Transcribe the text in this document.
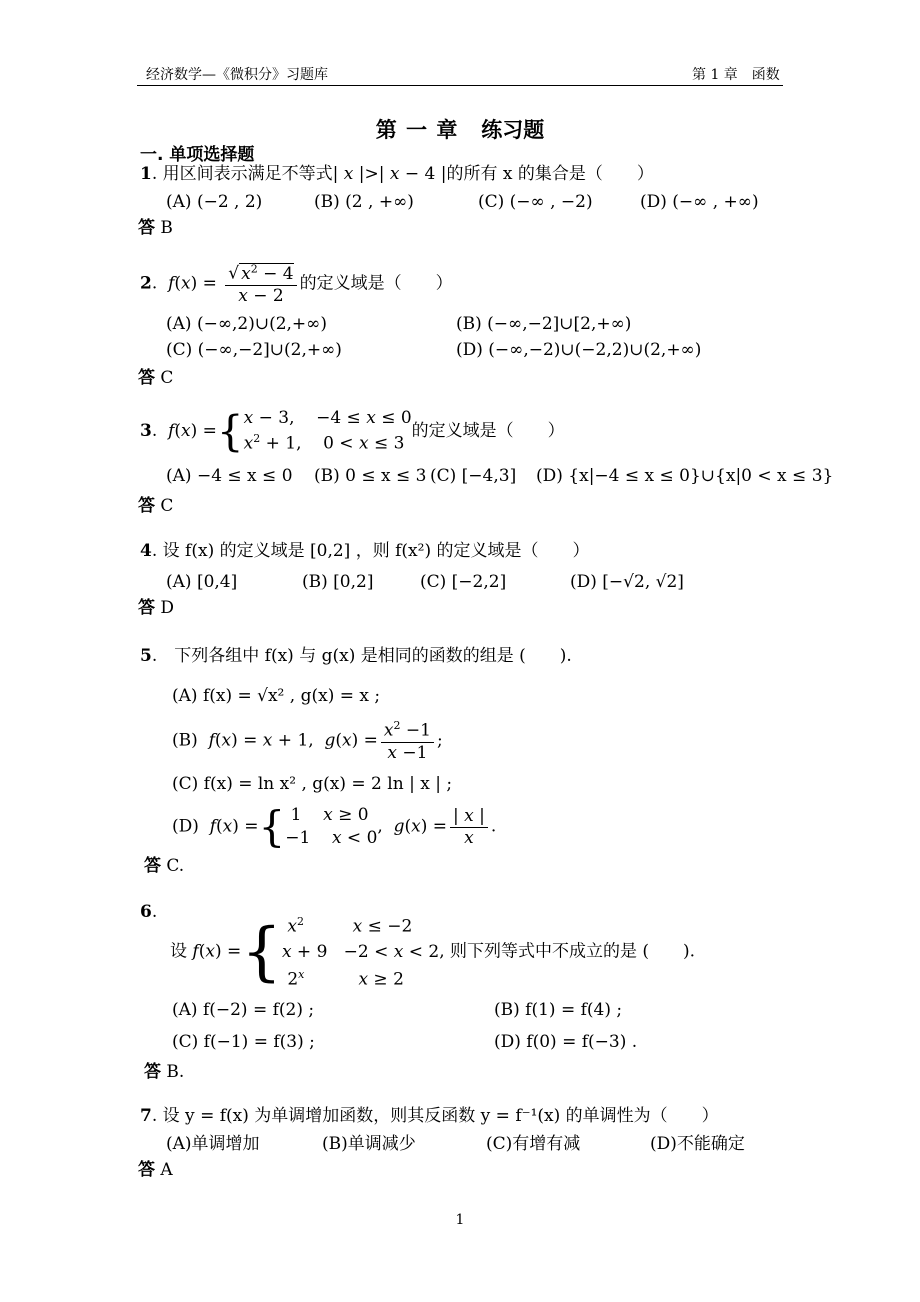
经济数学—《微积分》习题库	第 1 章　函数
第 一 章 练习题
一. 单项选择题
1. 用区间表示满足不等式| x |>| x − 4 |的所有 x 的集合是（　　）
(A) (−2 , 2)	(B) (2 , +∞)	(C) (−∞ , −2)	(D) (−∞ , +∞)
答 B
2.  $f(x) = \frac{√ x^2 - 4}{x - 2}$ 的定义域是（　　）
(A) (−∞,2)∪(2,+∞)	(B) (−∞,−2]∪[2,+∞)
(C) (−∞,−2]∪(2,+∞)	(D) (−∞,−2)∪(−2,2)∪(2,+∞)
答 C
3.  f(x) ={ x − 3,    −4 ≤ x ≤ 0
$x^2 + 1$,    0 < x ≤ 3
的定义域是（　　）
(A) −4 ≤ x ≤ 0 (B) 0 ≤ x ≤ 3 (C) [−4,3] (D) {x|−4 ≤ x ≤ 0}∪{x|0 < x ≤ 3}
答 C
4. 设 f(x) 的定义域是 [0,2] ，则 f(x²) 的定义域是（　　）
(A) [0,4]	(B) [0,2]	(C) [−2,2]	(D) [−√2, √2]
答 D
5.　下列各组中 f(x) 与 g(x) 是相同的函数的组是 (　　).
(A) f(x) = √x² , g(x) = x ;
(B)  f(x) = x + 1,  $g(x) = \frac{x^2 -1}{x -1}$ ;
(C) f(x) = ln x² , g(x) = 2 ln | x | ;
(D)  f(x) ={ 1    x ≥ 0
−1    x < 0
,  $g(x) = \frac{| x |}{x}$ .
答 C.
6.
设 f(x) ={ $x^2$	x ≤ −2
x + 9   −2 < x < 2
2$^x$	x ≥ 2
, 则下列等式中不成立的是 (　　).
(A) f(−2) = f(2) ;	(B) f(1) = f(4) ;
(C) f(−1) = f(3) ;	(D) f(0) = f(−3) .
答 B.
7. 设 y = f(x) 为单调增加函数，则其反函数 y = f⁻¹(x) 的单调性为（　　）
(A)单调增加	(B)单调减少	(C)有增有减	(D)不能确定
答 A
1
